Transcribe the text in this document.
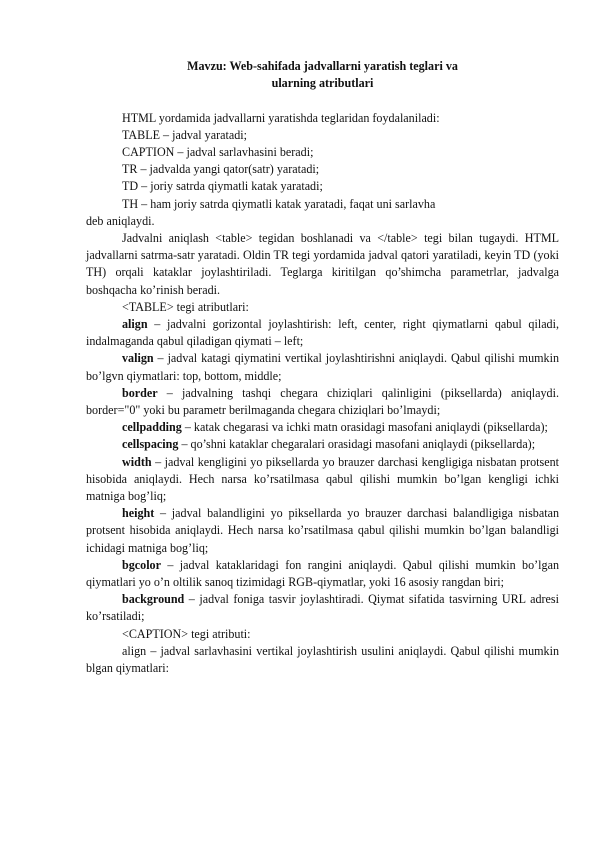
Mavzu: Web-sahifada jadvallarni yaratish teglari va

ularning atributlari

HTML yordamida jadvallarni yaratishda teglaridan foydalaniladi:

TABLE – jadval yaratadi;

CAPTION – jadval sarlavhasini beradi;

TR – jadvalda yangi qator(satr) yaratadi;

TD – joriy satrda qiymatli katak yaratadi;

TH – ham joriy satrda qiymatli katak yaratadi, faqat uni sarlavha

deb aniqlaydi.

Jadvalni aniqlash <table> tegidan boshlanadi va </table> tegi bilan tugaydi. HTML jadvallarni satrma-satr yaratadi. Oldin TR tegi yordamida jadval qatori yaratiladi, keyin TD (yoki TH) orqali kataklar joylashtiriladi. Teglarga kiritilgan qo’shimcha parametrlar, jadvalga boshqacha ko’rinish beradi.

<TABLE> tegi atributlari:

align – jadvalni gorizontal joylashtirish: left, center, right qiymatlarni qabul qiladi, indalmaganda qabul qiladigan qiymati – left;

valign – jadval katagi qiymatini vertikal joylashtirishni aniqlaydi. Qabul qilishi mumkin bo’lgvn qiymatlari: top, bottom, middle;

border – jadvalning tashqi chegara chiziqlari qalinligini (piksellarda) aniqlaydi. border="0" yoki bu parametr berilmaganda chegara chiziqlari bo’lmaydi;

cellpadding – katak chegarasi va ichki matn orasidagi masofani aniqlaydi (piksellarda);

cellspacing – qo’shni kataklar chegaralari orasidagi masofani aniqlaydi (piksellarda);

width – jadval kengligini yo piksellarda yo brauzer darchasi kengligiga nisbatan protsent hisobida aniqlaydi. Hech narsa ko’rsatilmasa qabul qilishi mumkin bo’lgan kengligi ichki matniga bog’liq;

height – jadval balandligini yo piksellarda yo brauzer darchasi balandligiga nisbatan protsent hisobida aniqlaydi. Hech narsa ko’rsatilmasa qabul qilishi mumkin bo’lgan balandligi ichidagi matniga bog’liq;

bgcolor – jadval kataklaridagi fon rangini aniqlaydi. Qabul qilishi mumkin bo’lgan qiymatlari yo o’n oltilik sanoq tizimidagi RGB-qiymatlar, yoki 16 asosiy rangdan biri;

background – jadval foniga tasvir joylashtiradi. Qiymat sifatida tasvirning URL adresi ko’rsatiladi;

<CAPTION> tegi atributi:

align – jadval sarlavhasini vertikal joylashtirish usulini aniqlaydi. Qabul qilishi mumkin blgan qiymatlari:
